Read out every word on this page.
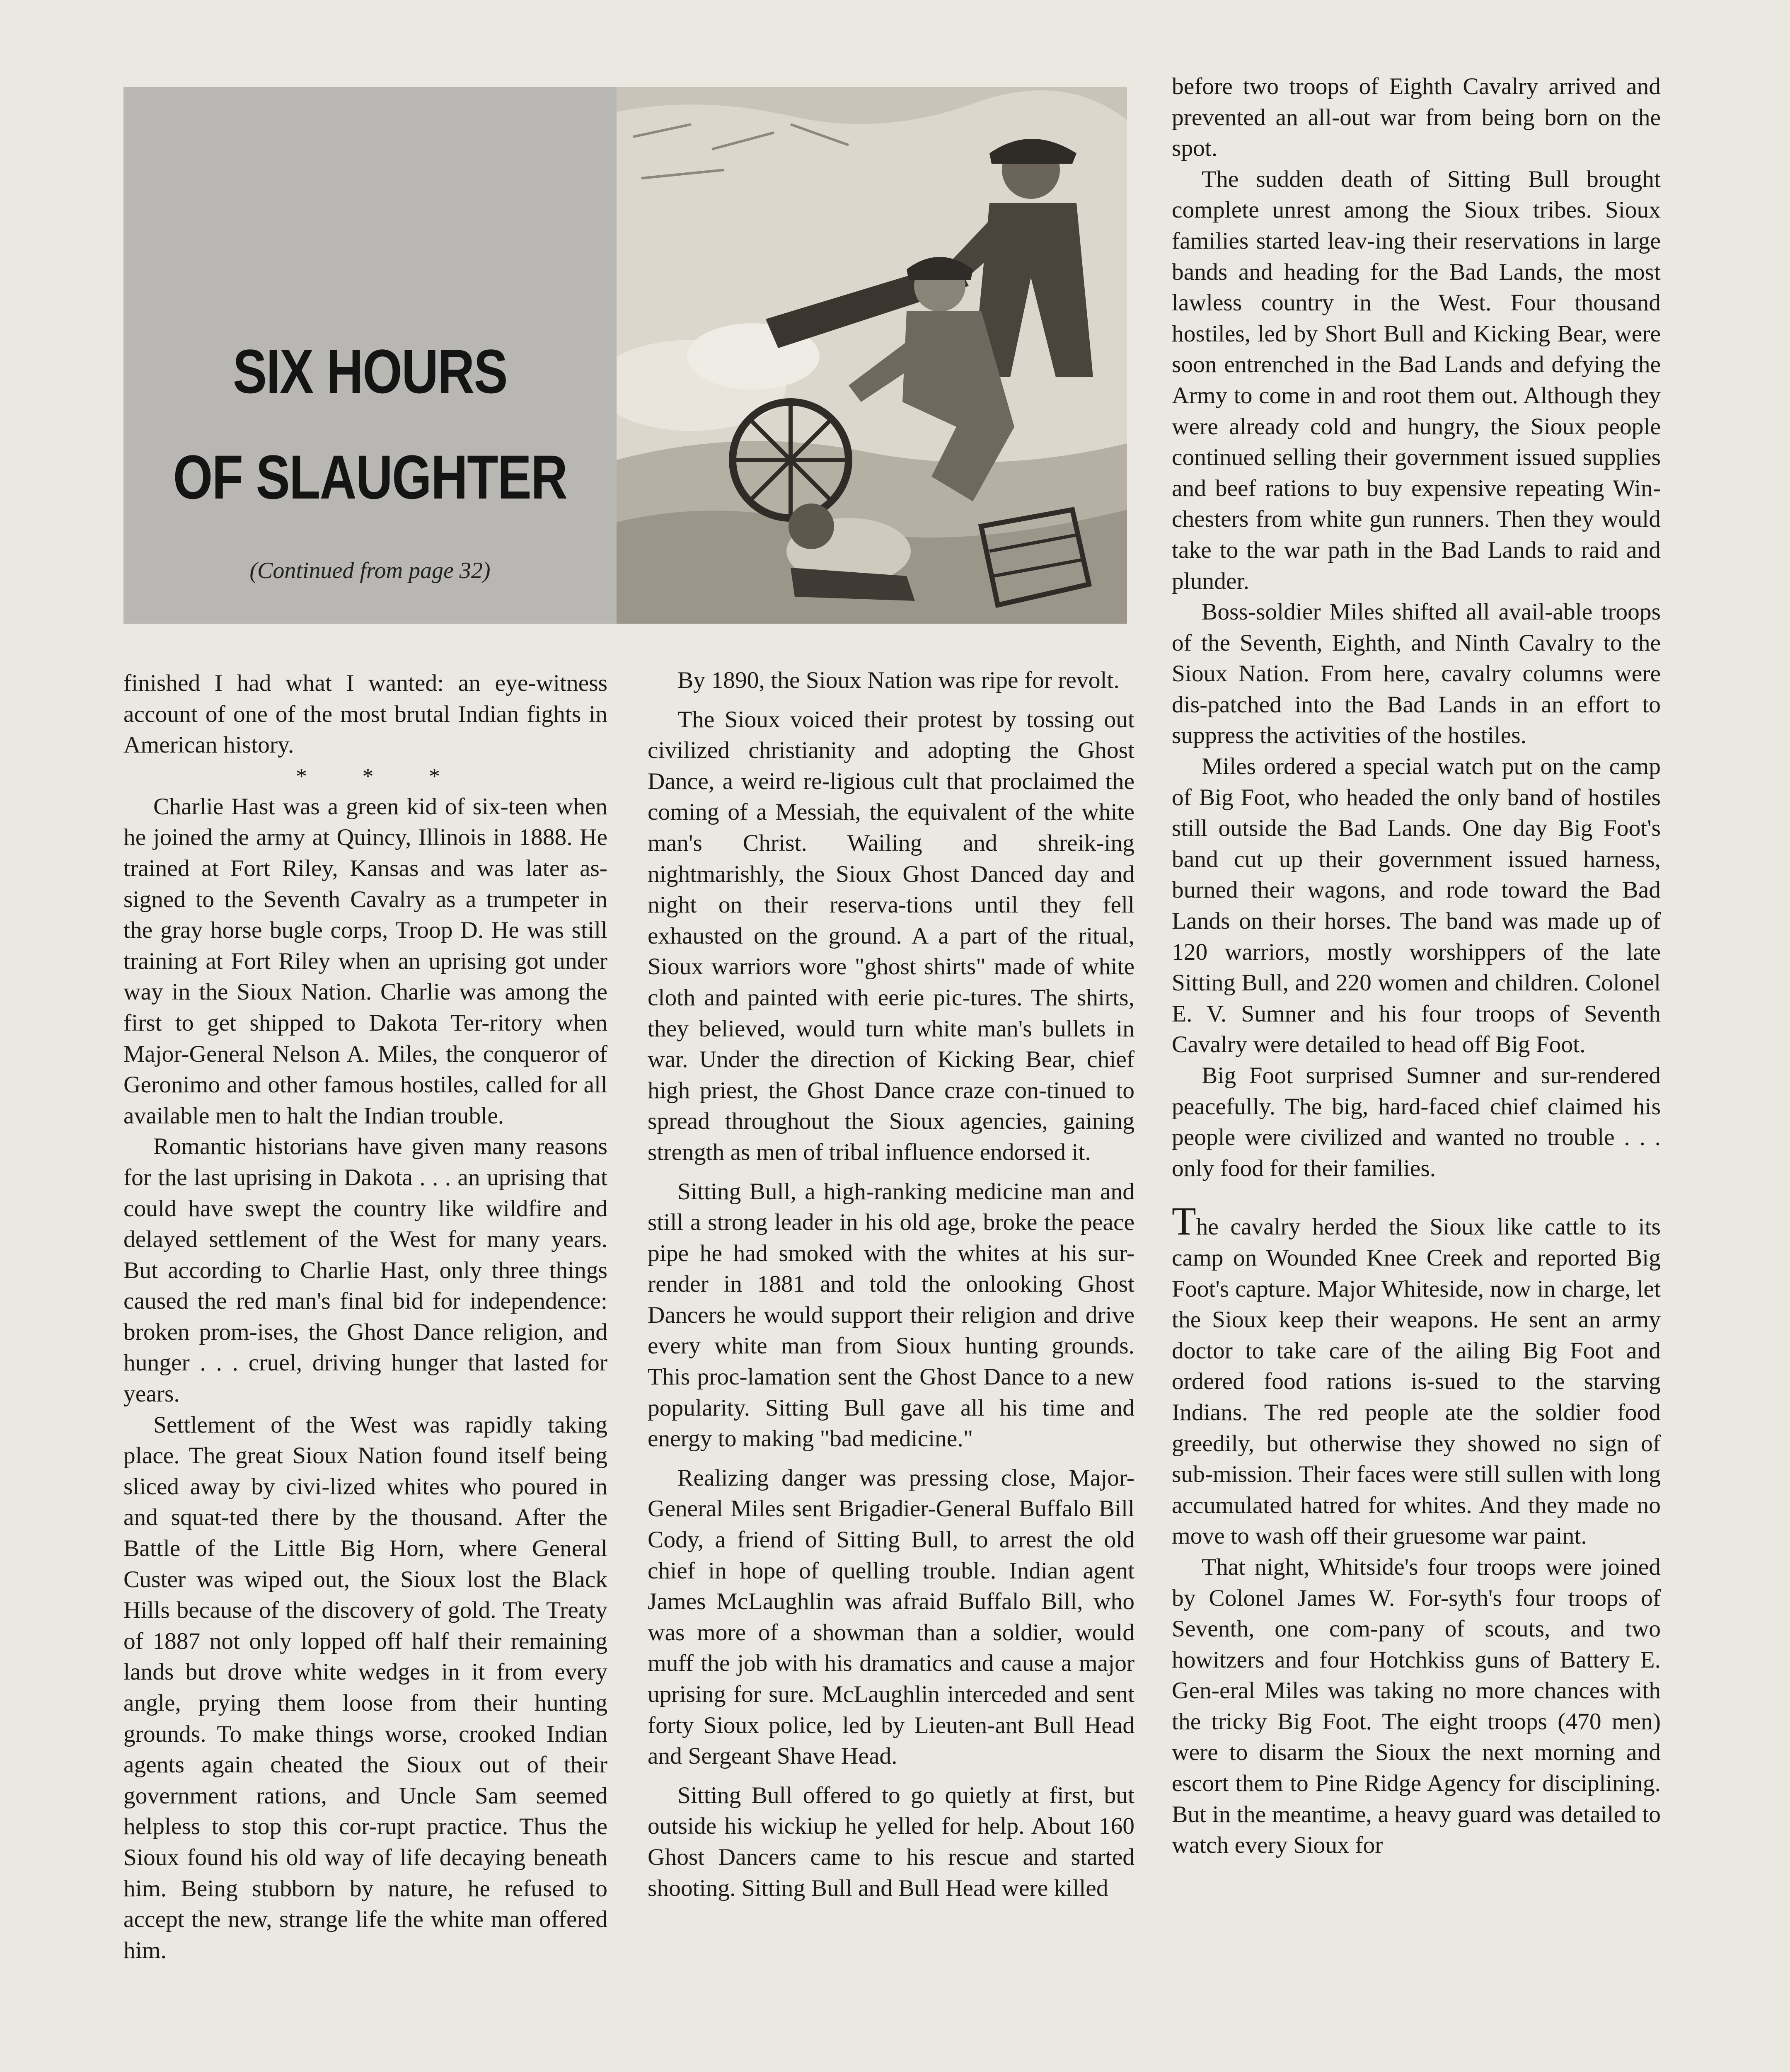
SIX HOURS
OF SLAUGHTER
(Continued from page 32)

finished I had what I wanted: an eye-witness account of one of the most brutal Indian fights in American history.

* * *

Charlie Hast was a green kid of six-teen when he joined the army at Quincy, Illinois in 1888. He trained at Fort Riley, Kansas and was later as-signed to the Seventh Cavalry as a trumpeter in the gray horse bugle corps, Troop D. He was still training at Fort Riley when an uprising got under way in the Sioux Nation. Charlie was among the first to get shipped to Dakota Ter-ritory when Major-General Nelson A. Miles, the conqueror of Geronimo and other famous hostiles, called for all available men to halt the Indian trouble.

Romantic historians have given many reasons for the last uprising in Dakota . . . an uprising that could have swept the country like wildfire and delayed settlement of the West for many years. But according to Charlie Hast, only three things caused the red man's final bid for independence: broken prom-ises, the Ghost Dance religion, and hunger . . . cruel, driving hunger that lasted for years.

Settlement of the West was rapidly taking place. The great Sioux Nation found itself being sliced away by civi-lized whites who poured in and squat-ted there by the thousand. After the Battle of the Little Big Horn, where General Custer was wiped out, the Sioux lost the Black Hills because of the discovery of gold. The Treaty of 1887 not only lopped off half their remaining lands but drove white wedges in it from every angle, prying them loose from their hunting grounds. To make things worse, crooked Indian agents again cheated the Sioux out of their government rations, and Uncle Sam seemed helpless to stop this cor-rupt practice. Thus the Sioux found his old way of life decaying beneath him. Being stubborn by nature, he refused to accept the new, strange life the white man offered him.

By 1890, the Sioux Nation was ripe for revolt.

The Sioux voiced their protest by tossing out civilized christianity and adopting the Ghost Dance, a weird re-ligious cult that proclaimed the coming of a Messiah, the equivalent of the white man's Christ. Wailing and shreik-ing nightmarishly, the Sioux Ghost Danced day and night on their reserva-tions until they fell exhausted on the ground. A a part of the ritual, Sioux warriors wore "ghost shirts" made of white cloth and painted with eerie pic-tures. The shirts, they believed, would turn white man's bullets in war. Under the direction of Kicking Bear, chief high priest, the Ghost Dance craze con-tinued to spread throughout the Sioux agencies, gaining strength as men of tribal influence endorsed it.

Sitting Bull, a high-ranking medicine man and still a strong leader in his old age, broke the peace pipe he had smoked with the whites at his sur-render in 1881 and told the onlooking Ghost Dancers he would support their religion and drive every white man from Sioux hunting grounds. This proc-lamation sent the Ghost Dance to a new popularity. Sitting Bull gave all his time and energy to making "bad medicine."

Realizing danger was pressing close, Major-General Miles sent Brigadier-General Buffalo Bill Cody, a friend of Sitting Bull, to arrest the old chief in hope of quelling trouble. Indian agent James McLaughlin was afraid Buffalo Bill, who was more of a showman than a soldier, would muff the job with his dramatics and cause a major uprising for sure. McLaughlin interceded and sent forty Sioux police, led by Lieuten-ant Bull Head and Sergeant Shave Head.

Sitting Bull offered to go quietly at first, but outside his wickiup he yelled for help. About 160 Ghost Dancers came to his rescue and started shooting. Sitting Bull and Bull Head were killed

before two troops of Eighth Cavalry arrived and prevented an all-out war from being born on the spot.

The sudden death of Sitting Bull brought complete unrest among the Sioux tribes. Sioux families started leav-ing their reservations in large bands and heading for the Bad Lands, the most lawless country in the West. Four thousand hostiles, led by Short Bull and Kicking Bear, were soon entrenched in the Bad Lands and defying the Army to come in and root them out. Although they were already cold and hungry, the Sioux people continued selling their government issued supplies and beef rations to buy expensive repeating Win-chesters from white gun runners. Then they would take to the war path in the Bad Lands to raid and plunder.

Boss-soldier Miles shifted all avail-able troops of the Seventh, Eighth, and Ninth Cavalry to the Sioux Nation. From here, cavalry columns were dis-patched into the Bad Lands in an effort to suppress the activities of the hostiles.

Miles ordered a special watch put on the camp of Big Foot, who headed the only band of hostiles still outside the Bad Lands. One day Big Foot's band cut up their government issued harness, burned their wagons, and rode toward the Bad Lands on their horses. The band was made up of 120 warriors, mostly worshippers of the late Sitting Bull, and 220 women and children. Colonel E. V. Sumner and his four troops of Seventh Cavalry were detailed to head off Big Foot.

Big Foot surprised Sumner and sur-rendered peacefully. The big, hard-faced chief claimed his people were civilized and wanted no trouble . . . only food for their families.

The cavalry herded the Sioux like cattle to its camp on Wounded Knee Creek and reported Big Foot's capture. Major Whiteside, now in charge, let the Sioux keep their weapons. He sent an army doctor to take care of the ailing Big Foot and ordered food rations is-sued to the starving Indians. The red people ate the soldier food greedily, but otherwise they showed no sign of sub-mission. Their faces were still sullen with long accumulated hatred for whites. And they made no move to wash off their gruesome war paint.

That night, Whitside's four troops were joined by Colonel James W. For-syth's four troops of Seventh, one com-pany of scouts, and two howitzers and four Hotchkiss guns of Battery E. Gen-eral Miles was taking no more chances with the tricky Big Foot. The eight troops (470 men) were to disarm the Sioux the next morning and escort them to Pine Ridge Agency for disciplining. But in the meantime, a heavy guard was detailed to watch every Sioux for
